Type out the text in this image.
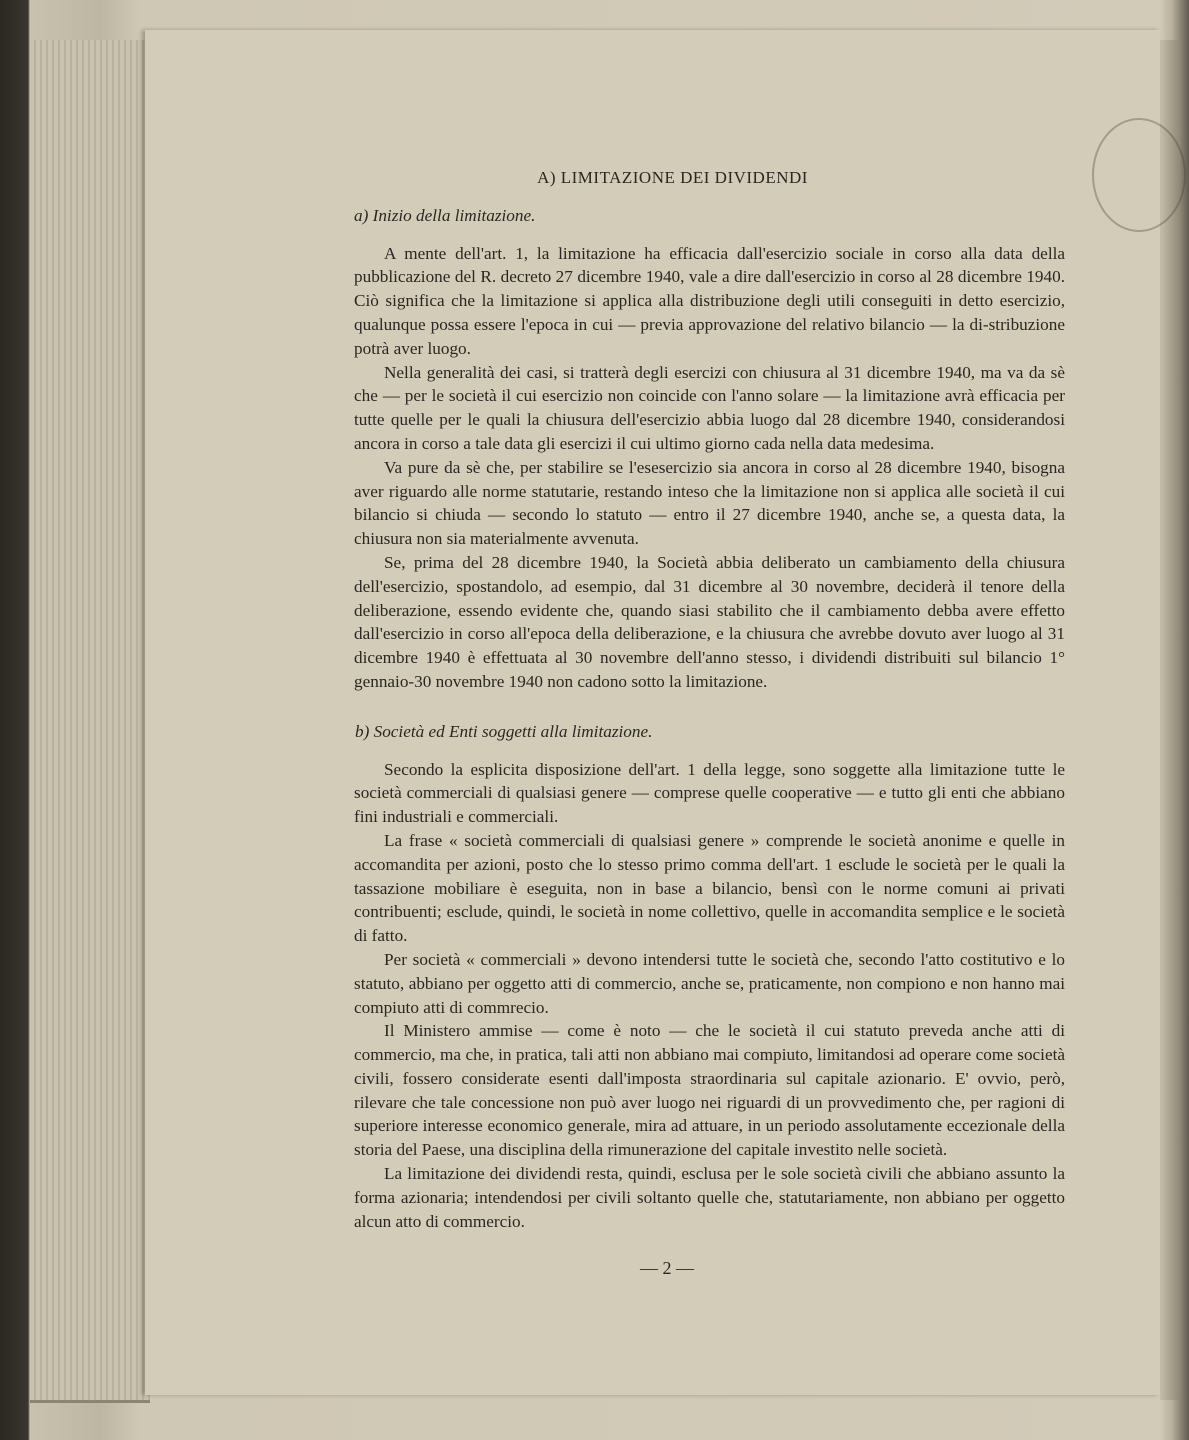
A) LIMITAZIONE DEI DIVIDENDI
a) Inizio della limitazione.

A mente dell'art. 1, la limitazione ha efficacia dall'esercizio sociale in corso alla data della pubblicazione del R. decreto 27 dicembre 1940, vale a dire dall'esercizio in corso al 28 dicembre 1940. Ciò significa che la limitazione si applica alla distribuzione degli utili conseguiti in detto esercizio, qualunque possa essere l'epoca in cui — previa approvazione del relativo bilancio — la di-stribuzione potrà aver luogo.

Nella generalità dei casi, si tratterà degli esercizi con chiusura al 31 dicembre 1940, ma va da sè che — per le società il cui esercizio non coincide con l'anno solare — la limitazione avrà efficacia per tutte quelle per le quali la chiusura dell'esercizio abbia luogo dal 28 dicembre 1940, considerandosi ancora in corso a tale data gli esercizi il cui ultimo giorno cada nella data medesima.

Va pure da sè che, per stabilire se l'esesercizio sia ancora in corso al 28 dicembre 1940, bisogna aver riguardo alle norme statutarie, restando inteso che la limitazione non si applica alle società il cui bilancio si chiuda — secondo lo statuto — entro il 27 dicembre 1940, anche se, a questa data, la chiusura non sia materialmente avvenuta.

Se, prima del 28 dicembre 1940, la Società abbia deliberato un cambiamento della chiusura dell'esercizio, spostandolo, ad esempio, dal 31 dicembre al 30 novembre, deciderà il tenore della deliberazione, essendo evidente che, quando siasi stabilito che il cambiamento debba avere effetto dall'esercizio in corso all'epoca della deliberazione, e la chiusura che avrebbe dovuto aver luogo al 31 dicembre 1940 è effettuata al 30 novembre dell'anno stesso, i dividendi distribuiti sul bilancio 1° gennaio-30 novembre 1940 non cadono sotto la limitazione.

b) Società ed Enti soggetti alla limitazione.

Secondo la esplicita disposizione dell'art. 1 della legge, sono soggette alla limitazione tutte le società commerciali di qualsiasi genere — comprese quelle cooperative — e tutto gli enti che abbiano fini industriali e commerciali.

La frase « società commerciali di qualsiasi genere » comprende le società anonime e quelle in accomandita per azioni, posto che lo stesso primo comma dell'art. 1 esclude le società per le quali la tassazione mobiliare è eseguita, non in base a bilancio, bensì con le norme comuni ai privati contribuenti; esclude, quindi, le società in nome collettivo, quelle in accomandita semplice e le società di fatto.

Per società « commerciali » devono intendersi tutte le società che, secondo l'atto costitutivo e lo statuto, abbiano per oggetto atti di commercio, anche se, praticamente, non compiono e non hanno mai compiuto atti di commrecio.

Il Ministero ammise — come è noto — che le società il cui statuto preveda anche atti di commercio, ma che, in pratica, tali atti non abbiano mai compiuto, limitandosi ad operare come società civili, fossero considerate esenti dall'imposta straordinaria sul capitale azionario. E' ovvio, però, rilevare che tale concessione non può aver luogo nei riguardi di un provvedimento che, per ragioni di superiore interesse economico generale, mira ad attuare, in un periodo assolutamente eccezionale della storia del Paese, una disciplina della rimunerazione del capitale investito nelle società.

La limitazione dei dividendi resta, quindi, esclusa per le sole società civili che abbiano assunto la forma azionaria; intendendosi per civili soltanto quelle che, statutariamente, non abbiano per oggetto alcun atto di commercio.

— 2 —
